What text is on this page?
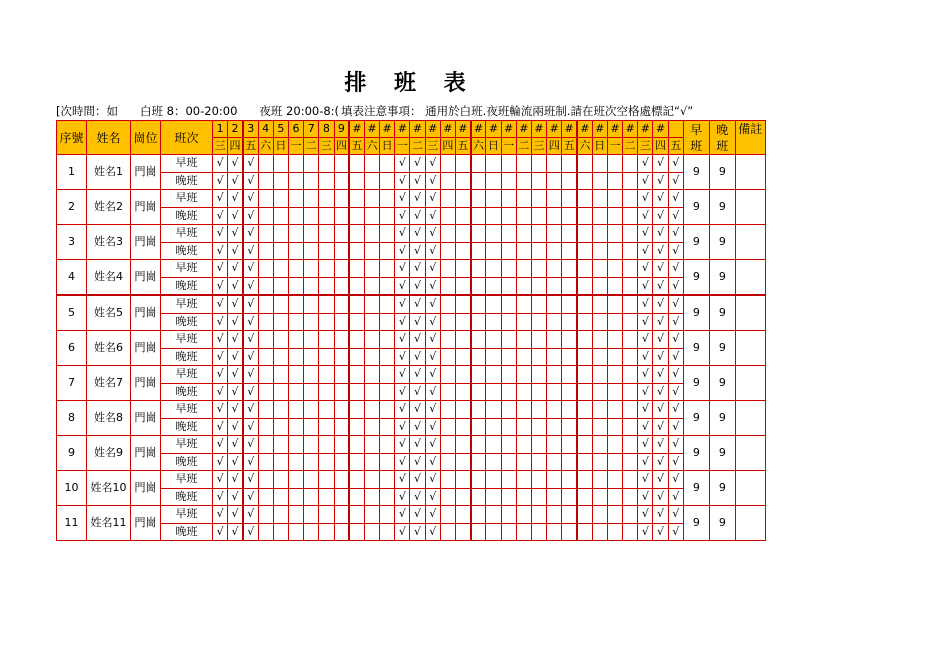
排 班 表
[次時間：如 白班 8：00-20:00 夜班 20:00-8:( 填表注意事項： 通用於白班.夜班輪流兩班制.請在班次空格處標記“√”
序號	姓名	崗位	班次	1	2	3	4	5	6	7	8	9	#	#	#	#	#	#	#	#	#	#	#	#	#	#	#	#	#	#	#	#	#		早班	晚班	備註
				三	四	五	六	日	一	二	三	四	五	六	日	一	二	三	四	五	六	日	一	二	三	四	五	六	日	一	二	三	四	五			
1	姓名1	門崗	早班	√	√	√										√	√	√														√	√	√	9	9	
			晚班	√	√	√										√	√	√														√	√	√			
2	姓名2	門崗	早班	√	√	√										√	√	√														√	√	√	9	9	
			晚班	√	√	√										√	√	√														√	√	√			
3	姓名3	門崗	早班	√	√	√										√	√	√														√	√	√	9	9	
			晚班	√	√	√										√	√	√														√	√	√			
4	姓名4	門崗	早班	√	√	√										√	√	√														√	√	√	9	9	
			晚班	√	√	√										√	√	√														√	√	√			
5	姓名5	門崗	早班	√	√	√										√	√	√														√	√	√	9	9	
			晚班	√	√	√										√	√	√														√	√	√			
6	姓名6	門崗	早班	√	√	√										√	√	√														√	√	√	9	9	
			晚班	√	√	√										√	√	√														√	√	√			
7	姓名7	門崗	早班	√	√	√										√	√	√														√	√	√	9	9	
			晚班	√	√	√										√	√	√														√	√	√			
8	姓名8	門崗	早班	√	√	√										√	√	√														√	√	√	9	9	
			晚班	√	√	√										√	√	√														√	√	√			
9	姓名9	門崗	早班	√	√	√										√	√	√														√	√	√	9	9	
			晚班	√	√	√										√	√	√														√	√	√			
10	姓名10	門崗	早班	√	√	√										√	√	√														√	√	√	9	9	
			晚班	√	√	√										√	√	√														√	√	√			
11	姓名11	門崗	早班	√	√	√										√	√	√														√	√	√	9	9	
			晚班	√	√	√										√	√	√														√	√	√			
